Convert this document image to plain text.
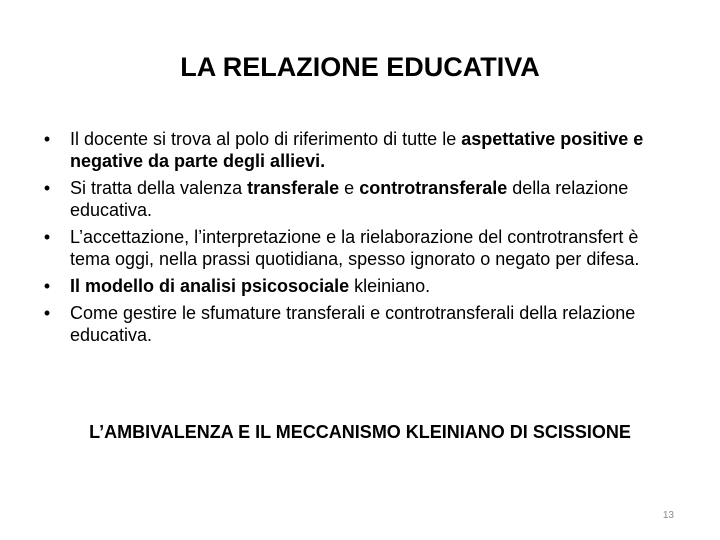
LA RELAZIONE EDUCATIVA
• Il docente si trova al polo di riferimento di tutte le aspettative positive e negative da parte degli allievi.
• Si tratta della valenza transferale e controtransferale della relazione educativa.
• L’accettazione, l’interpretazione e la rielaborazione del controtransfert è tema oggi, nella prassi quotidiana, spesso ignorato o negato per difesa.
• Il modello di analisi psicosociale kleiniano.
• Come gestire le sfumature transferali e controtransferali della relazione educativa.
L’AMBIVALENZA E IL MECCANISMO KLEINIANO DI SCISSIONE
13
